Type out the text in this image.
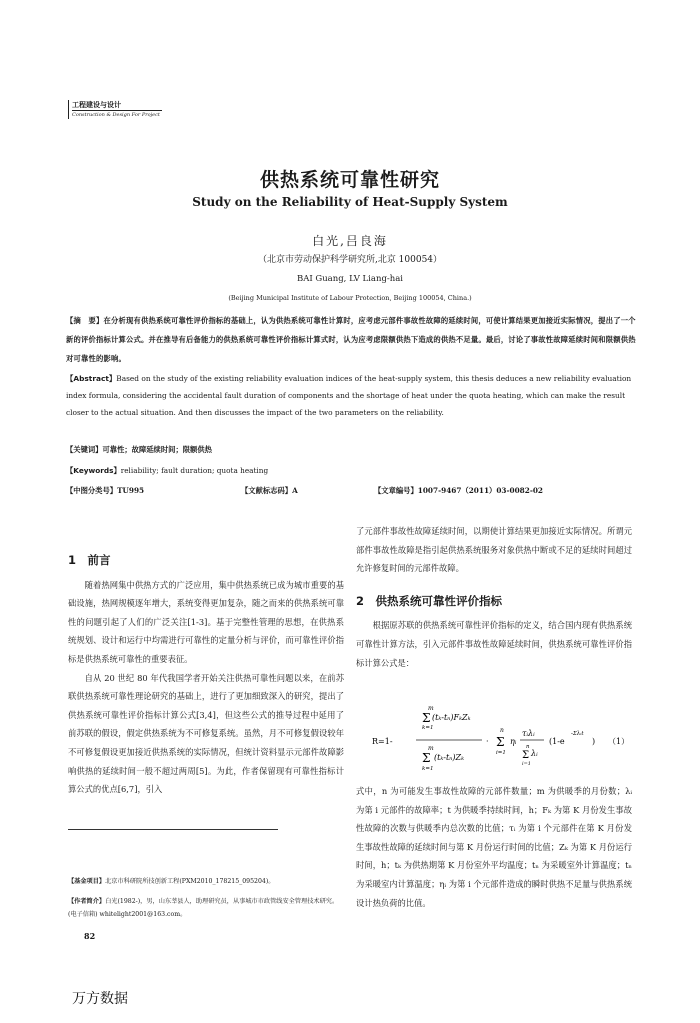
工程建设与设计
Construction & Design For Project
供热系统可靠性研究
Study on the Reliability of Heat-Supply System
白光,吕良海
（北京市劳动保护科学研究所,北京 100054）
BAI Guang, LV Liang-hai
(Beijing Municipal Institute of Labour Protection, Beijing 100054, China.)
【摘　要】在分析现有供热系统可靠性评价指标的基础上，认为供热系统可靠性计算时，应考虑元部件事故性故障的延续时间，可使计算结果更加接近实际情况，提出了一个新的评价指标计算公式。并在推导有后备能力的供热系统可靠性评价指标计算式时，认为应考虑限额供热下造成的供热不足量。最后，讨论了事故性故障延续时间和限额供热对可靠性的影响。
【Abstract】Based on the study of the existing reliability evaluation indices of the heat-supply system, this thesis deduces a new reliability evaluation index formula, considering the accidental fault duration of components and the shortage of heat under the quota heating, which can make the result closer to the actual situation. And then discusses the impact of the two parameters on the reliability.
【关键词】可靠性；故障延续时间；限额供热
【Keywords】reliability; fault duration; quota heating
【中图分类号】TU995	【文献标志码】A	【文章编号】1007-9467（2011）03-0082-02
1　前言

随着热网集中供热方式的广泛应用，集中供热系统已成为城市重要的基础设施，热网规模逐年增大，系统变得更加复杂，随之而来的供热系统可靠性的问题引起了人们的广泛关注[1-3]。基于完整性管理的思想，在供热系统规划、设计和运行中均需进行可靠性的定量分析与评价，而可靠性评价指标是供热系统可靠性的重要表征。

自从 20 世纪 80 年代我国学者开始关注供热可靠性问题以来，在前苏联供热系统可靠性理论研究的基础上，进行了更加细致深入的研究，提出了供热系统可靠性评价指标计算公式[3,4]，但这些公式的推导过程中延用了前苏联的假设，假定供热系统为不可修复系统。虽然，月不可修复假设较年不可修复假设更加接近供热系统的实际情况，但统计资料显示元部件故障影响供热的延续时间一般不超过两周[5]。为此，作者保留现有可靠性指标计算公式的优点[6,7]，引入

了元部件事故性故障延续时间，以期使计算结果更加接近实际情况。所谓元部件事故性故障是指引起供热系统服务对象供热中断或不足的延续时间超过允许修复时间的元部件故障。

2　供热系统可靠性评价指标

根据原苏联的供热系统可靠性评价指标的定义，结合国内现有供热系统可靠性计算方法，引入元部件事故性故障延续时间，供热系统可靠性评价指标计算公式是：

R=1-
m
Σ
k=1
(tₖ-tₙ)FₖZₖ
m
Σ
k=1
(tₖ-tₙ)Zₖ
·
n
Σ
i=1
ηᵢ
τᵢλᵢ
n
Σ
i=1
λᵢ
(1-e
-Σλᵢt
) （1）
式中，n 为可能发生事故性故障的元部件数量；m 为供暖季的月份数；λᵢ 为第 i 元部件的故障率；t 为供暖季持续时间，h；Fₖ 为第 K 月份发生事故性故障的次数与供暖季内总次数的比值；τᵢ 为第 i 个元部件在第 K 月份发生事故性故障的延续时间与第 K 月份运行时间的比值；Zₖ 为第 K 月份运行时间，h；tₖ 为供热期第 K 月份室外平均温度；tₙ 为采暖室外计算温度；tₙ 为采暖室内计算温度；ηᵢ 为第 i 个元部件造成的瞬时供热不足量与供热系统设计热负荷的比值。
【基金项目】北京市科研院所技创新工程(PXM2010_178215_095204)。
【作者简介】白光(1982-)，男，山东莘县人，助理研究员，从事城市市政管线安全管理技术研究。(电子信箱) whitelight2001@163.com。
82
万方数据
